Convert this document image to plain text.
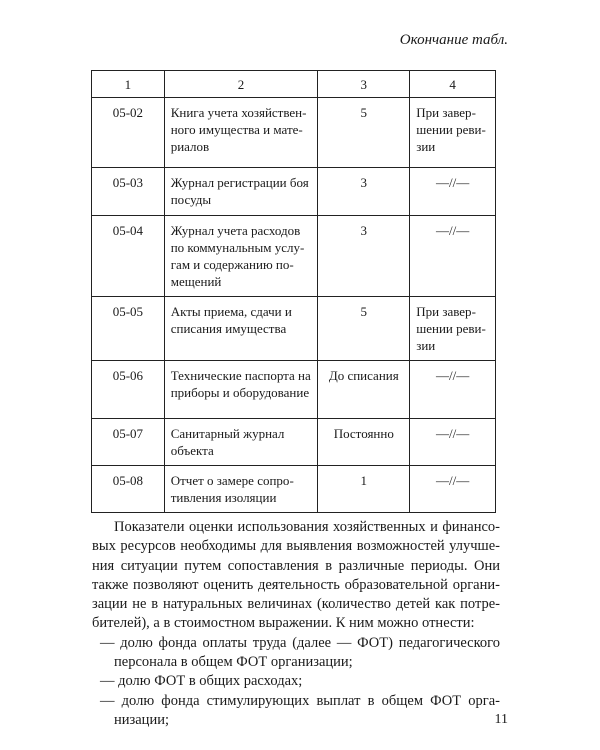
Окончание табл.
1	2	3	4
05-02	Книга учета хозяйственного имущества и материалов	5	При завершении ревизии
05-03	Журнал регистрации боя посуды	3	—//—
05-04	Журнал учета расходов по коммунальным услугам и содержанию помещений	3	—//—
05-05	Акты приема, сдачи и списания имущества	5	При завершении ревизии
05-06	Технические паспорта на приборы и оборудование	До списания	—//—
05-07	Санитарный журнал объекта	Постоянно	—//—
05-08	Отчет о замере сопротивления изоляции	1	—//—

Показатели оценки использования хозяйственных и финансовых ресурсов необходимы для выявления возможностей улучшения ситуации путем сопоставления в различные периоды. Они также позволяют оценить деятельность образовательной организации не в натуральных величинах (количество детей как потребителей), а в стоимостном выражении. К ним можно отнести:

— долю фонда оплаты труда (далее — ФОТ) педагогического персонала в общем ФОТ организации;
— долю ФОТ в общих расходах;
— долю фонда стимулирующих выплат в общем ФОТ организации;	11
